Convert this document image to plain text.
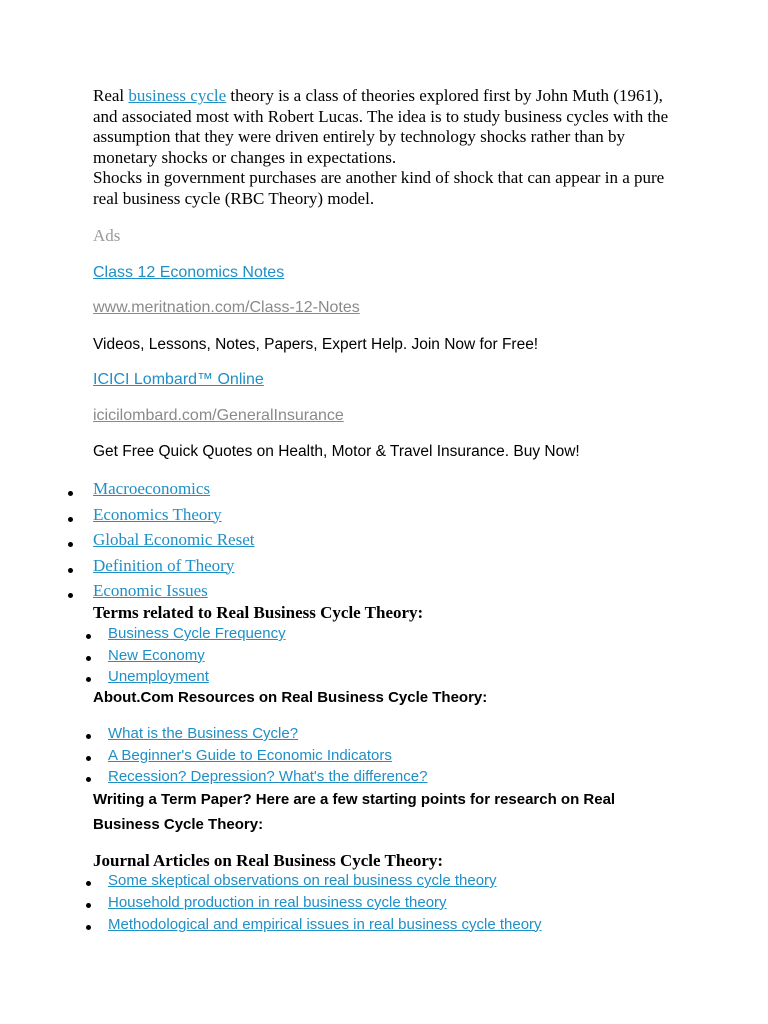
Real business cycle theory is a class of theories explored first by John Muth (1961), and associated most with Robert Lucas. The idea is to study business cycles with the assumption that they were driven entirely by technology shocks rather than by monetary shocks or changes in expectations.
Shocks in government purchases are another kind of shock that can appear in a pure real business cycle (RBC Theory) model.

Ads

Class 12 Economics Notes

www.meritnation.com/Class-12-Notes

Videos, Lessons, Notes, Papers, Expert Help. Join Now for Free!

ICICI Lombard™ Online

icicilombard.com/GeneralInsurance

Get Free Quick Quotes on Health, Motor & Travel Insurance. Buy Now!

Macroeconomics
Economics Theory
Global Economic Reset
Definition of Theory
Economic Issues

Terms related to Real Business Cycle Theory:

Business Cycle Frequency
New Economy
Unemployment

About.Com Resources on Real Business Cycle Theory:

What is the Business Cycle?
A Beginner's Guide to Economic Indicators
Recession? Depression? What's the difference?

Writing a Term Paper? Here are a few starting points for research on Real

Business Cycle Theory:

Journal Articles on Real Business Cycle Theory:

Some skeptical observations on real business cycle theory
Household production in real business cycle theory
Methodological and empirical issues in real business cycle theory
